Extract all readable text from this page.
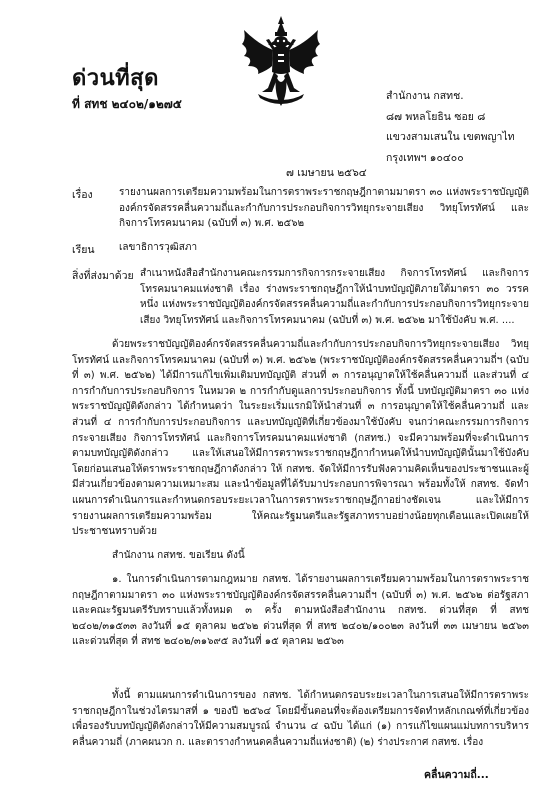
ด่วนที่สุด
ที่ สทช ๒๔๐๒/๑๒๗๕
สำนักงาน กสทช.
๘๗ พหลโยธิน ซอย ๘
แขวงสามเสนใน เขตพญาไท
กรุงเทพฯ ๑๐๔๐๐
๗ เมษายน ๒๕๖๔
เรื่อง	รายงานผลการเตรียมความพร้อมในการตราพระราชกฤษฎีกาตามมาตรา ๓๐ แห่งพระราชบัญญัติองค์กรจัดสรรคลื่นความถี่และกำกับการประกอบกิจการวิทยุกระจายเสียง วิทยุโทรทัศน์ และกิจการโทรคมนาคม (ฉบับที่ ๓) พ.ศ. ๒๕๖๒
เรียน เลขาธิการวุฒิสภา
สิ่งที่ส่งมาด้วย สำเนาหนังสือสำนักงานคณะกรรมการกิจการกระจายเสียง กิจการโทรทัศน์ และกิจการโทรคมนาคมแห่งชาติ เรื่อง ร่างพระราชกฤษฎีกาให้นำบทบัญญัติภายใต้มาตรา ๓๐ วรรคหนึ่ง แห่งพระราชบัญญัติองค์กรจัดสรรคลื่นความถี่และกำกับการประกอบกิจการวิทยุกระจายเสียง วิทยุโทรทัศน์ และกิจการโทรคมนาคม (ฉบับที่ ๓) พ.ศ. ๒๕๖๒ มาใช้บังคับ พ.ศ. ....
ด้วยพระราชบัญญัติองค์กรจัดสรรคลื่นความถี่และกำกับการประกอบกิจการวิทยุกระจายเสียง วิทยุโทรทัศน์ และกิจการโทรคมนาคม (ฉบับที่ ๓) พ.ศ. ๒๕๖๒ (พระราชบัญญัติองค์กรจัดสรรคลื่นความถี่ฯ (ฉบับที่ ๓) พ.ศ. ๒๕๖๒) ได้มีการแก้ไขเพิ่มเติมบทบัญญัติ ส่วนที่ ๓ การอนุญาตให้ใช้คลื่นความถี่ และส่วนที่ ๔ การกำกับการประกอบกิจการ ในหมวด ๒ การกำกับดูแลการประกอบกิจการ ทั้งนี้ บทบัญญัติมาตรา ๓๐ แห่งพระราชบัญญัติดังกล่าว ได้กำหนดว่า ในระยะเริ่มแรกมิให้นำส่วนที่ ๓ การอนุญาตให้ใช้คลื่นความถี่ และส่วนที่ ๔ การกำกับการประกอบกิจการ และบทบัญญัติที่เกี่ยวข้องมาใช้บังคับ จนกว่าคณะกรรมการกิจการกระจายเสียง กิจการโทรทัศน์ และกิจการโทรคมนาคมแห่งชาติ (กสทช.) จะมีความพร้อมที่จะดำเนินการตามบทบัญญัติดังกล่าว และให้เสนอให้มีการตราพระราชกฤษฎีกากำหนดให้นำบทบัญญัตินั้นมาใช้บังคับ โดยก่อนเสนอให้ตราพระราชกฤษฎีกาดังกล่าว ให้ กสทช. จัดให้มีการรับฟังความคิดเห็นของประชาชนและผู้มีส่วนเกี่ยวข้องตามความเหมาะสม และนำข้อมูลที่ได้รับมาประกอบการพิจารณา พร้อมทั้งให้ กสทช. จัดทำแผนการดำเนินการและกำหนดกรอบระยะเวลาในการตราพระราชกฤษฎีกาอย่างชัดเจน และให้มีการรายงานผลการเตรียมความพร้อม ให้คณะรัฐมนตรีและรัฐสภาทราบอย่างน้อยทุกเดือนและเปิดเผยให้ประชาชนทราบด้วย
สำนักงาน กสทช. ขอเรียน ดังนี้
๑. ในการดำเนินการตามกฎหมาย กสทช. ได้รายงานผลการเตรียมความพร้อมในการตราพระราชกฤษฎีกาตามมาตรา ๓๐ แห่งพระราชบัญญัติองค์กรจัดสรรคลื่นความถี่ฯ (ฉบับที่ ๓) พ.ศ. ๒๕๖๒ ต่อรัฐสภาและคณะรัฐมนตรีรับทราบแล้วทั้งหมด ๓ ครั้ง ตามหนังสือสำนักงาน กสทช. ด่วนที่สุด ที่ สทช ๒๔๐๒/๓๑๕๓๓ ลงวันที่ ๑๕ ตุลาคม ๒๕๖๒ ด่วนที่สุด ที่ สทช ๒๔๐๒/๑๐๐๒๓ ลงวันที่ ๓๓ เมษายน ๒๕๖๓ และด่วนที่สุด ที่ สทช ๒๔๐๒/๓๑๖๙๕ ลงวันที่ ๑๕ ตุลาคม ๒๕๖๓
ทั้งนี้ ตามแผนการดำเนินการของ กสทช. ได้กำหนดกรอบระยะเวลาในการเสนอให้มีการตราพระราชกฤษฎีกาในช่วงไตรมาสที่ ๑ ของปี ๒๕๖๔ โดยมีขั้นตอนที่จะต้องเตรียมการจัดทำหลักเกณฑ์ที่เกี่ยวข้องเพื่อรองรับบทบัญญัติดังกล่าวให้มีความสมบูรณ์ จำนวน ๔ ฉบับ ได้แก่ (๑) การแก้ไขแผนแม่บทการบริหารคลื่นความถี่ (ภาคผนวก ก. และตารางกำหนดคลื่นความถี่แห่งชาติ) (๒) ร่างประกาศ กสทช. เรื่อง
คลื่นความถี่...
